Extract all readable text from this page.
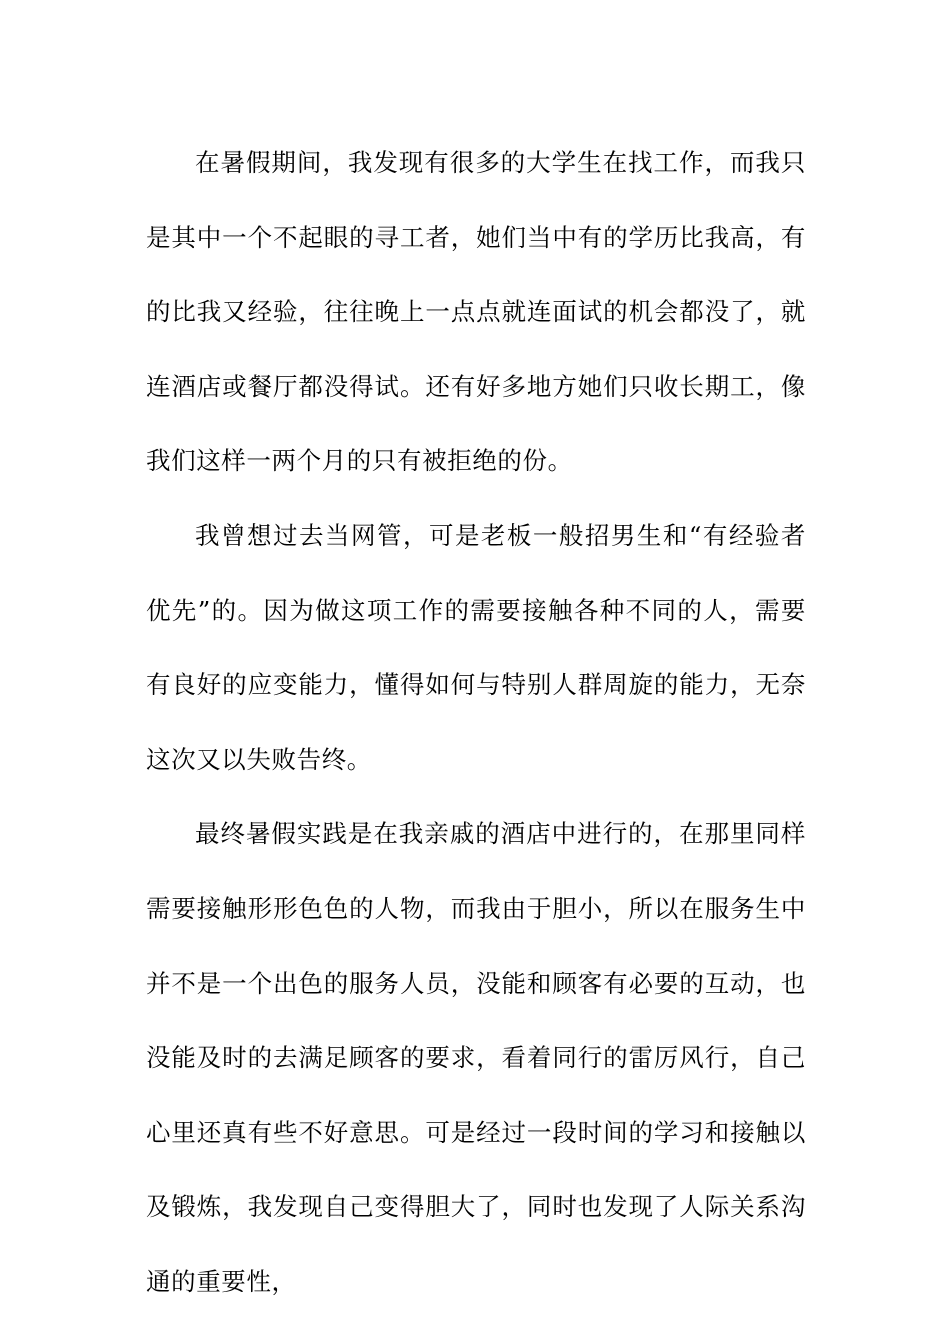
在暑假期间，我发现有很多的大学生在找工作，而我只是其中一个不起眼的寻工者，她们当中有的学历比我高，有的比我又经验，往往晚上一点点就连面试的机会都没了，就连酒店或餐厅都没得试。还有好多地方她们只收长期工，像我们这样一两个月的只有被拒绝的份。

我曾想过去当网管，可是老板一般招男生和“有经验者优先”的。因为做这项工作的需要接触各种不同的人，需要有良好的应变能力，懂得如何与特别人群周旋的能力，无奈这次又以失败告终。

最终暑假实践是在我亲戚的酒店中进行的，在那里同样需要接触形形色色的人物，而我由于胆小，所以在服务生中并不是一个出色的服务人员，没能和顾客有必要的互动，也没能及时的去满足顾客的要求，看着同行的雷厉风行，自己心里还真有些不好意思。可是经过一段时间的学习和接触以及锻炼，我发现自己变得胆大了，同时也发现了人际关系沟通的重要性，
